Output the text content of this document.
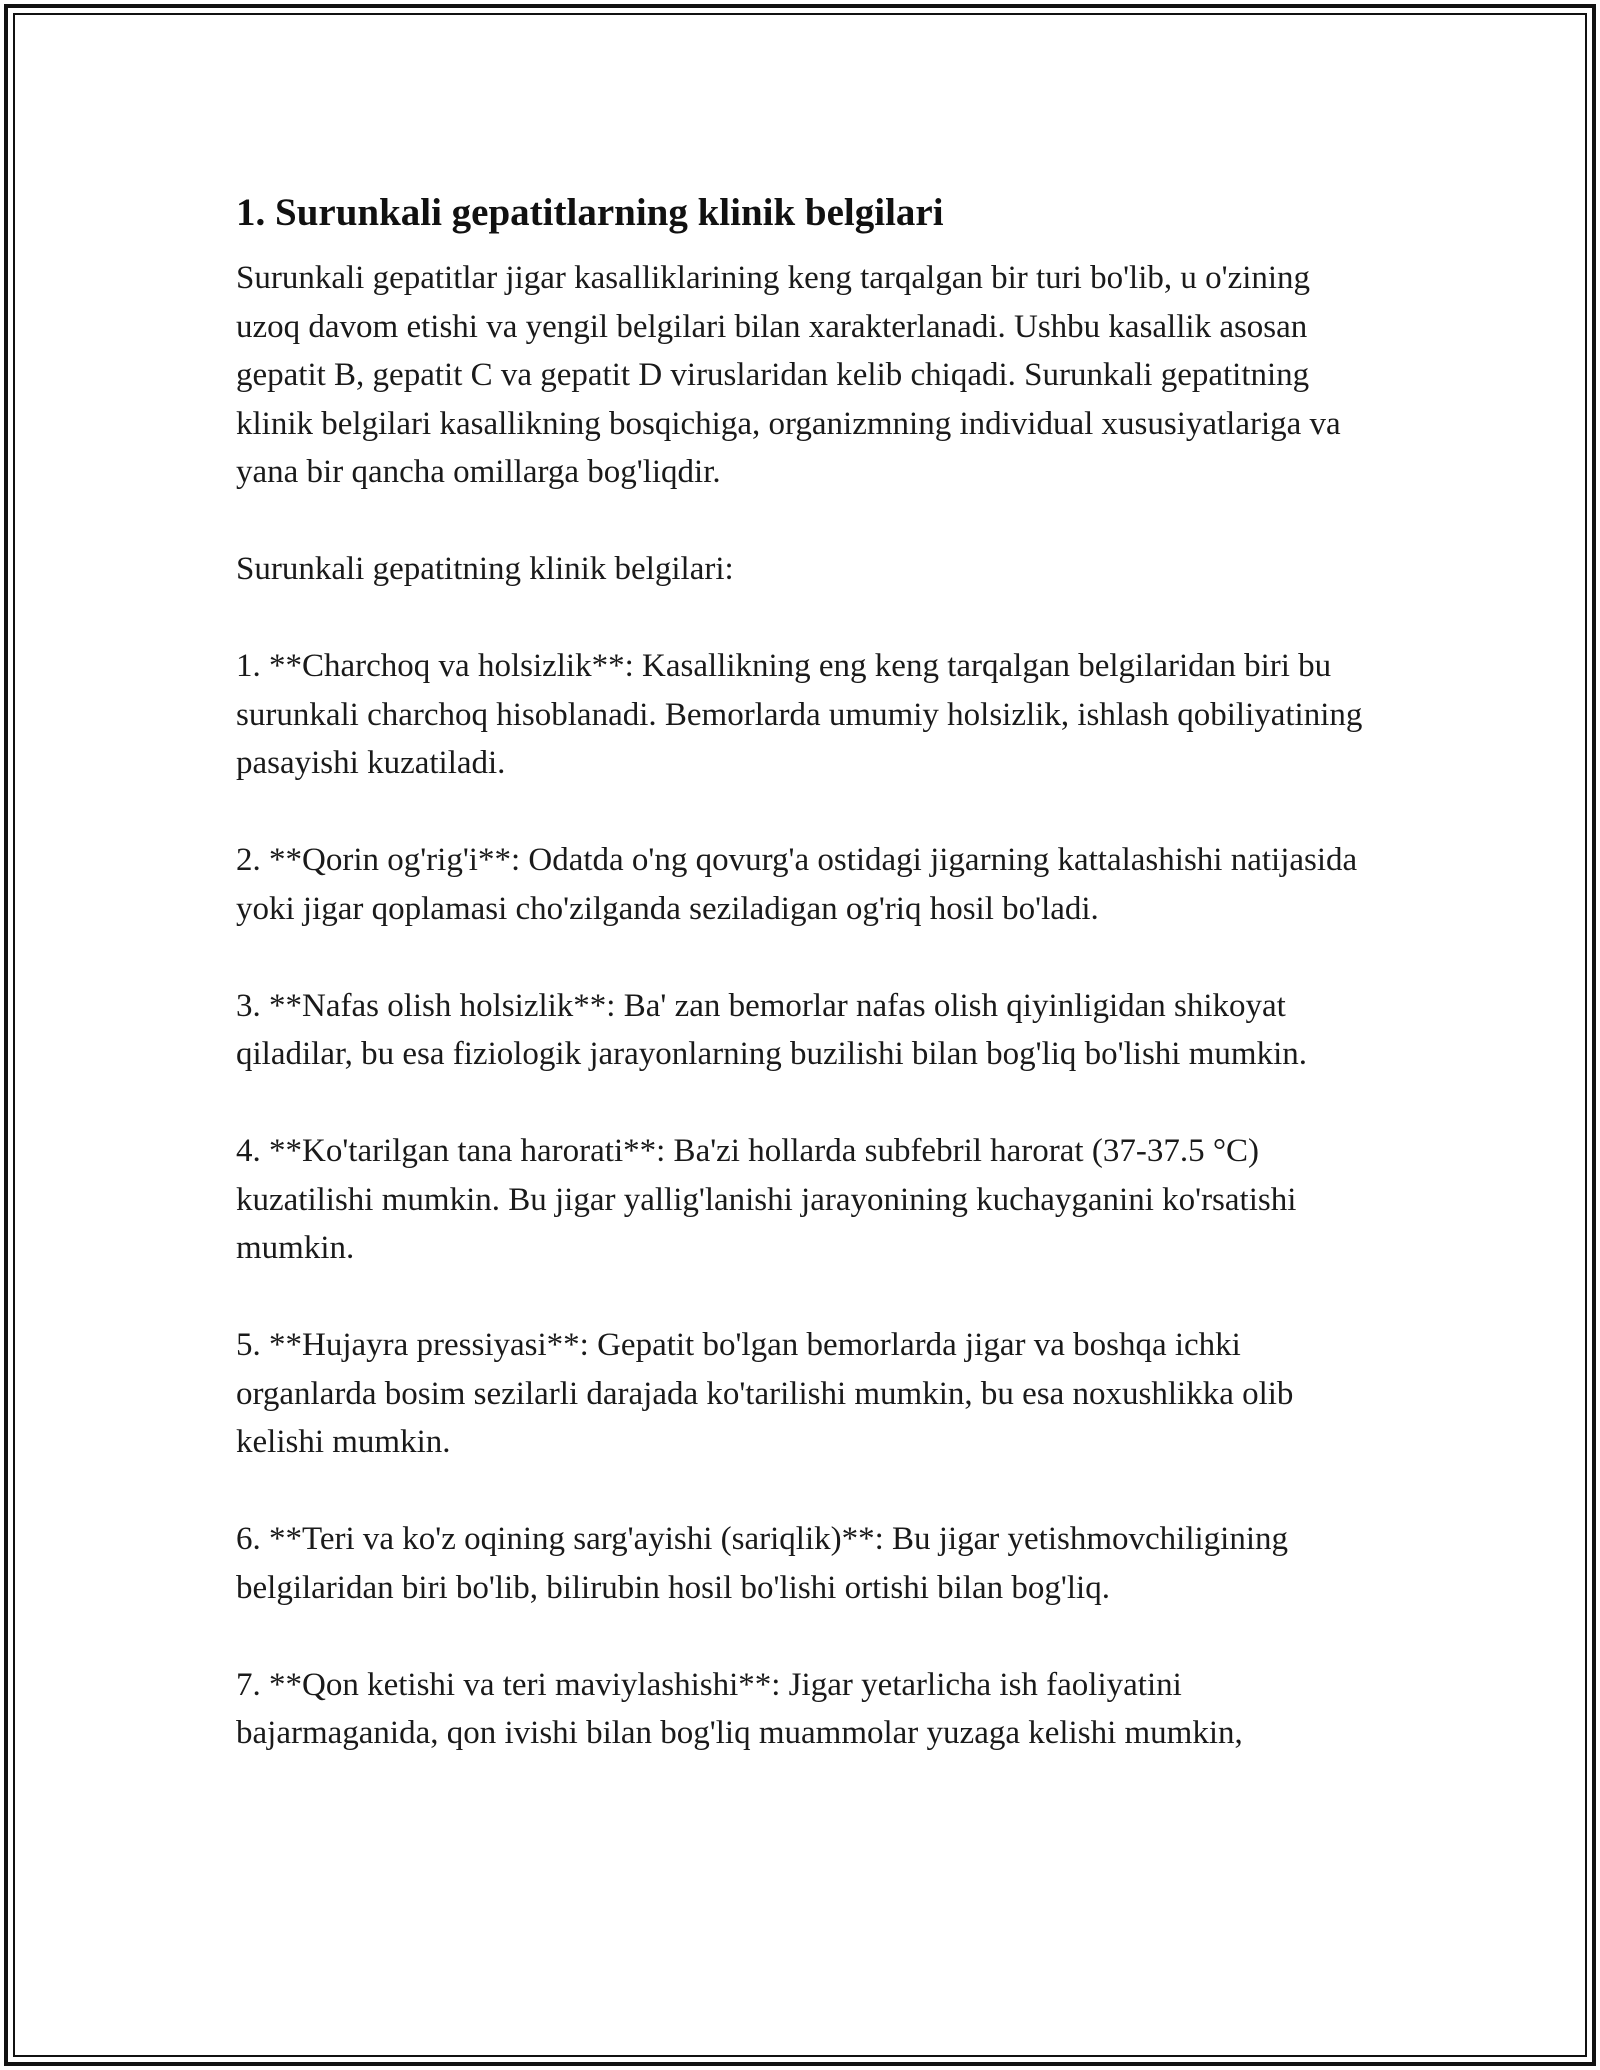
1. Surunkali gepatitlarning klinik belgilari

Surunkali gepatitlar jigar kasalliklarining keng tarqalgan bir turi bo'lib, u o'zining uzoq davom etishi va yengil belgilari bilan xarakterlanadi. Ushbu kasallik asosan gepatit B, gepatit C va gepatit D viruslaridan kelib chiqadi. Surunkali gepatitning klinik belgilari kasallikning bosqichiga, organizmning individual xususiyatlariga va yana bir qancha omillarga bog'liqdir.

Surunkali gepatitning klinik belgilari:

1. **Charchoq va holsizlik**: Kasallikning eng keng tarqalgan belgilaridan biri bu surunkali charchoq hisoblanadi. Bemorlarda umumiy holsizlik, ishlash qobiliyatining pasayishi kuzatiladi.

2. **Qorin og'rig'i**: Odatda o'ng qovurg'a ostidagi jigarning kattalashishi natijasida yoki jigar qoplamasi cho'zilganda seziladigan og'riq hosil bo'ladi.

3. **Nafas olish holsizlik**: Ba' zan bemorlar nafas olish qiyinligidan shikoyat qiladilar, bu esa fiziologik jarayonlarning buzilishi bilan bog'liq bo'lishi mumkin.

4. **Ko'tarilgan tana harorati**: Ba'zi hollarda subfebril harorat (37-37.5 °C) kuzatilishi mumkin. Bu jigar yallig'lanishi jarayonining kuchayganini ko'rsatishi mumkin.

5. **Hujayra pressiyasi**: Gepatit bo'lgan bemorlarda jigar va boshqa ichki organlarda bosim sezilarli darajada ko'tarilishi mumkin, bu esa noxushlikka olib kelishi mumkin.

6. **Teri va ko'z oqining sarg'ayishi (sariqlik)**: Bu jigar yetishmovchiligining belgilaridan biri bo'lib, bilirubin hosil bo'lishi ortishi bilan bog'liq.

7. **Qon ketishi va teri maviylashishi**: Jigar yetarlicha ish faoliyatini bajarmaganida, qon ivishi bilan bog'liq muammolar yuzaga kelishi mumkin,
